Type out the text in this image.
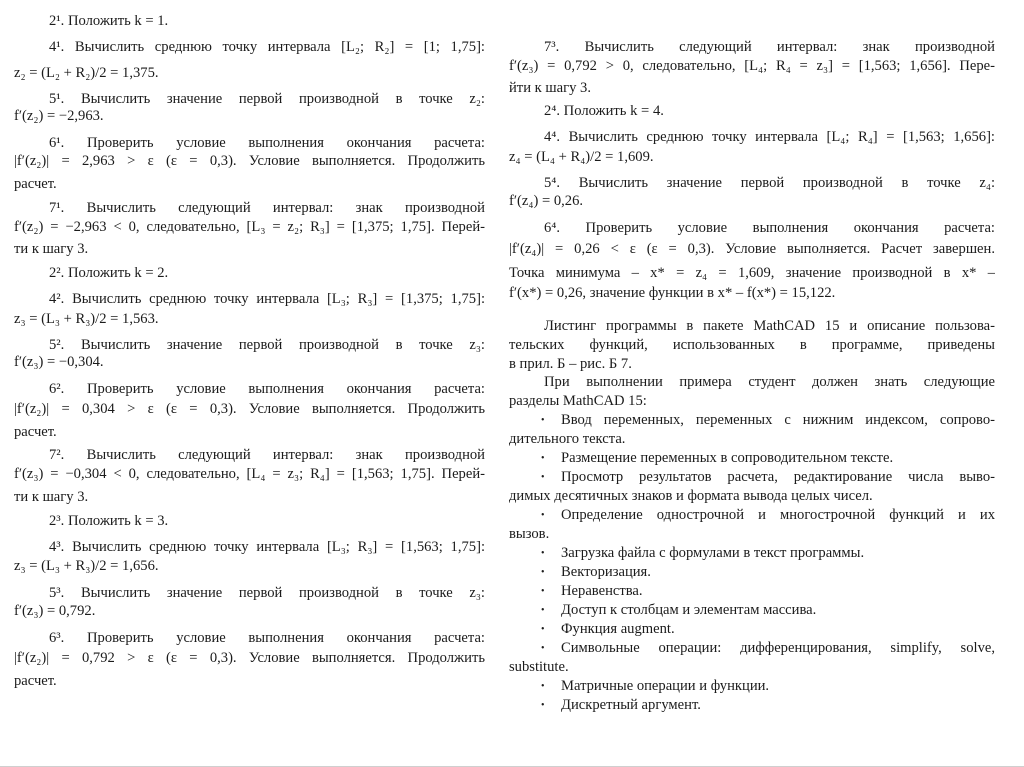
2¹. Положить k = 1.
4¹. Вычислить среднюю точку интервала [L₂; R₂] = [1; 1,75]:
z₂ = (L₂ + R₂)/2 = 1,375.
5¹. Вычислить значение первой производной в точке z₂:
f′(z₂) = −2,963.
6¹. Проверить условие выполнения окончания расчета:
|f′(z₂)| = 2,963 > ε (ε = 0,3). Условие выполняется. Продолжить
расчет.
7¹. Вычислить следующий интервал: знак производной
f′(z₂) = −2,963 < 0, следовательно, [L₃ = z₂; R₃] = [1,375; 1,75]. Перей-
ти к шагу 3.
2². Положить k = 2.
4². Вычислить среднюю точку интервала [L₃; R₃] = [1,375; 1,75]:
z₃ = (L₃ + R₃)/2 = 1,563.
5². Вычислить значение первой производной в точке z₃:
f′(z₃) = −0,304.
6². Проверить условие выполнения окончания расчета:
|f′(z₂)| = 0,304 > ε (ε = 0,3). Условие выполняется. Продолжить
расчет.
7². Вычислить следующий интервал: знак производной
f′(z₃) = −0,304 < 0, следовательно, [L₄ = z₃; R₄] = [1,563; 1,75]. Перей-
ти к шагу 3.
2³. Положить k = 3.
4³. Вычислить среднюю точку интервала [L₃; R₃] = [1,563; 1,75]:
z₃ = (L₃ + R₃)/2 = 1,656.
5³. Вычислить значение первой производной в точке z₃:
f′(z₃) = 0,792.
6³. Проверить условие выполнения окончания расчета:
|f′(z₂)| = 0,792 > ε (ε = 0,3). Условие выполняется. Продолжить
расчет.
7³. Вычислить следующий интервал: знак производной
f′(z₃) = 0,792 > 0, следовательно, [L₄; R₄ = z₃] = [1,563; 1,656]. Пере-
йти к шагу 3.
2⁴. Положить k = 4.
4⁴. Вычислить среднюю точку интервала [L₄; R₄] = [1,563; 1,656]:
z₄ = (L₄ + R₄)/2 = 1,609.
5⁴. Вычислить значение первой производной в точке z₄:
f′(z₄) = 0,26.
6⁴. Проверить условие выполнения окончания расчета:
|f′(z₄)| = 0,26 < ε (ε = 0,3). Условие выполняется. Расчет завершен.
Точка минимума – x* = z₄ = 1,609, значение производной в x* –
f′(x*) = 0,26, значение функции в x* – f(x*) = 15,122.
Листинг программы в пакете MathCAD 15 и описание пользова-
тельских функций, использованных в программе, приведены
в прил. Б – рис. Б 7.
При выполнении примера студент должен знать следующие
разделы MathCAD 15:
• Ввод переменных, переменных с нижним индексом, сопрово-
дительного текста.
• Размещение переменных в сопроводительном тексте.
• Просмотр результатов расчета, редактирование числа выво-
димых десятичных знаков и формата вывода целых чисел.
• Определение однострочной и многострочной функций и их
вызов.
• Загрузка файла с формулами в текст программы.
• Векторизация.
• Неравенства.
• Доступ к столбцам и элементам массива.
• Функция augment.
• Символьные операции: дифференцирования, simplify, solve,
substitute.
• Матричные операции и функции.
• Дискретный аргумент.
